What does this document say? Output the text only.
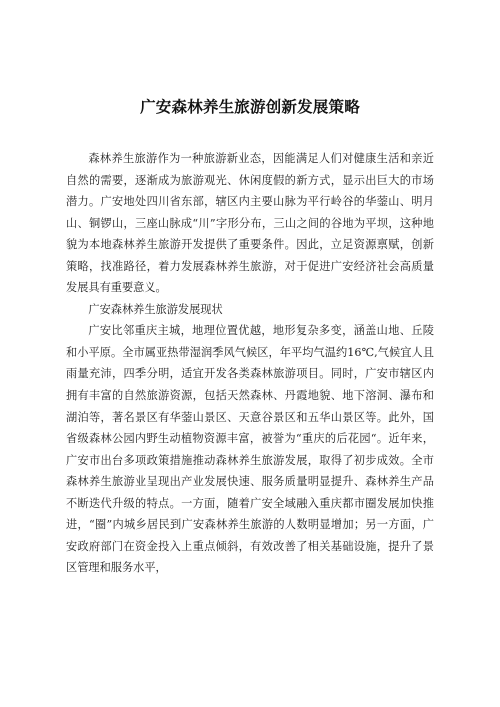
广安森林养生旅游创新发展策略

森林养生旅游作为一种旅游新业态，因能满足人们对健康生活和亲近自然的需要，逐渐成为旅游观光、休闲度假的新方式，显示出巨大的市场潜力。广安地处四川省东部，辖区内主要山脉为平行岭谷的华蓥山、明月山、铜锣山，三座山脉成“川”字形分布，三山之间的谷地为平坝，这种地貌为本地森林养生旅游开发提供了重要条件。因此，立足资源禀赋，创新策略，找准路径，着力发展森林养生旅游，对于促进广安经济社会高质量发展具有重要意义。

广安森林养生旅游发展现状

广安比邻重庆主城，地理位置优越，地形复杂多变，涵盖山地、丘陵和小平原。全市属亚热带湿润季风气候区，年平均气温约16℃,气候宜人且雨量充沛，四季分明，适宜开发各类森林旅游项目。同时，广安市辖区内拥有丰富的自然旅游资源，包括天然森林、丹霞地貌、地下溶洞、瀑布和湖泊等，著名景区有华蓥山景区、天意谷景区和五华山景区等。此外，国省级森林公园内野生动植物资源丰富，被誉为“重庆的后花园“。近年来，广安市出台多项政策措施推动森林养生旅游发展，取得了初步成效。全市森林养生旅游业呈现出产业发展快速、服务质量明显提升、森林养生产品不断迭代升级的特点。一方面，随着广安全域融入重庆都市圈发展加快推进，“圈”内城乡居民到广安森林养生旅游的人数明显增加；另一方面，广安政府部门在资金投入上重点倾斜，有效改善了相关基础设施，提升了景区管理和服务水平，
